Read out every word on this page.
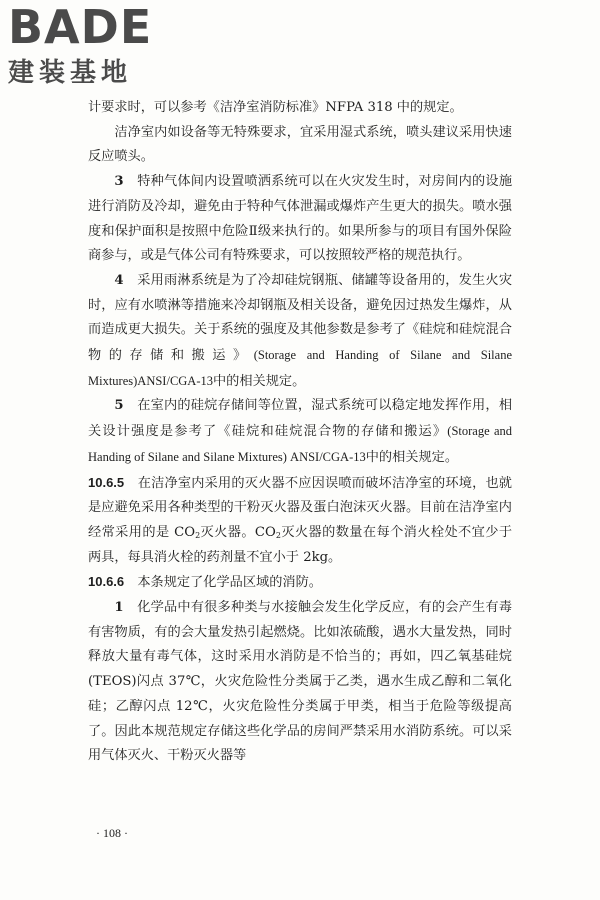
BADE
建装基地

计要求时，可以参考《洁净室消防标准》NFPA 318 中的规定。

洁净室内如设备等无特殊要求，宜采用湿式系统，喷头建议采用快速反应喷头。

3　 特种气体间内设置喷洒系统可以在火灾发生时，对房间内的设施进行消防及冷却，避免由于特种气体泄漏或爆炸产生更大的损失。喷水强度和保护面积是按照中危险Ⅱ级来执行的。如果所参与的项目有国外保险商参与，或是气体公司有特殊要求，可以按照较严格的规范执行。

4　 采用雨淋系统是为了冷却硅烷钢瓶、储罐等设备用的，发生火灾时，应有水喷淋等措施来冷却钢瓶及相关设备，避免因过热发生爆炸，从而造成更大损失。关于系统的强度及其他参数是参考了《硅烷和硅烷混合物的存储和搬运》(Storage and Handing of Silane and Silane Mixtures)ANSI/CGA-13中的相关规定。

5　 在室内的硅烷存储间等位置，湿式系统可以稳定地发挥作用，相关设计强度是参考了《硅烷和硅烷混合物的存储和搬运》(Storage and Handing of Silane and Silane Mixtures) ANSI/CGA-13中的相关规定。

10.6.5　 在洁净室内采用的灭火器不应因误喷而破坏洁净室的环境，也就是应避免采用各种类型的干粉灭火器及蛋白泡沫灭火器。目前在洁净室内经常采用的是 $CO_2$灭火器。$CO_2$灭火器的数量在每个消火栓处不宜少于两具，每具消火栓的药剂量不宜小于 2kg。

10.6.6　 本条规定了化学品区域的消防。

1　 化学品中有很多种类与水接触会发生化学反应，有的会产生有毒有害物质，有的会大量发热引起燃烧。比如浓硫酸，遇水大量发热，同时释放大量有毒气体，这时采用水消防是不恰当的；再如，四乙氧基硅烷(TEOS)闪点 37℃，火灾危险性分类属于乙类，遇水生成乙醇和二氧化硅；乙醇闪点 12℃，火灾危险性分类属于甲类，相当于危险等级提高了。因此本规范规定存储这些化学品的房间严禁采用水消防系统。可以采用气体灭火、干粉灭火器等

· 108 ·
